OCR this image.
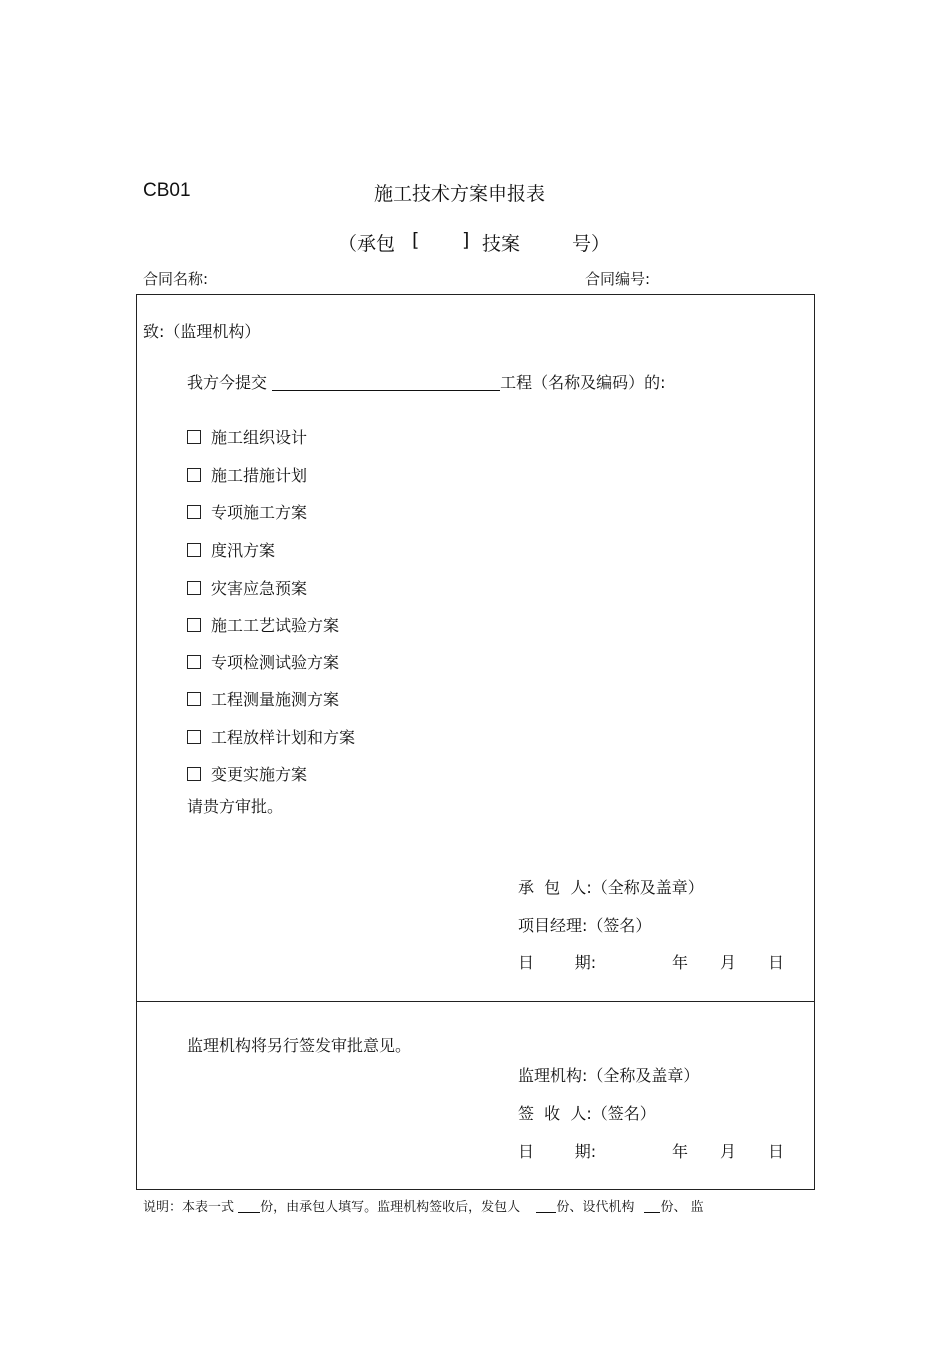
CB01	施工技术方案申报表
（承包 [ ] 技案	号）
合同名称:	合同编号:
致:（监理机构）
我方今提交	工程（名称及编码）的:
施工组织设计
施工措施计划
专项施工方案
度汛方案
灾害应急预案
施工工艺试验方案
专项检测试验方案
工程测量施测方案
工程放样计划和方案
变更实施方案
请贵方审批。
承  包  人:（全称及盖章）
项目经理:（签名）
日        期:	年 月 日
监理机构将另行签发审批意见。
监理机构:（全称及盖章）
签  收  人:（签名）
日        期:	年 月 日
说明：本表一式 份，由承包人填写。监理机构签收后，发包人	份、设代机构 份、 监
